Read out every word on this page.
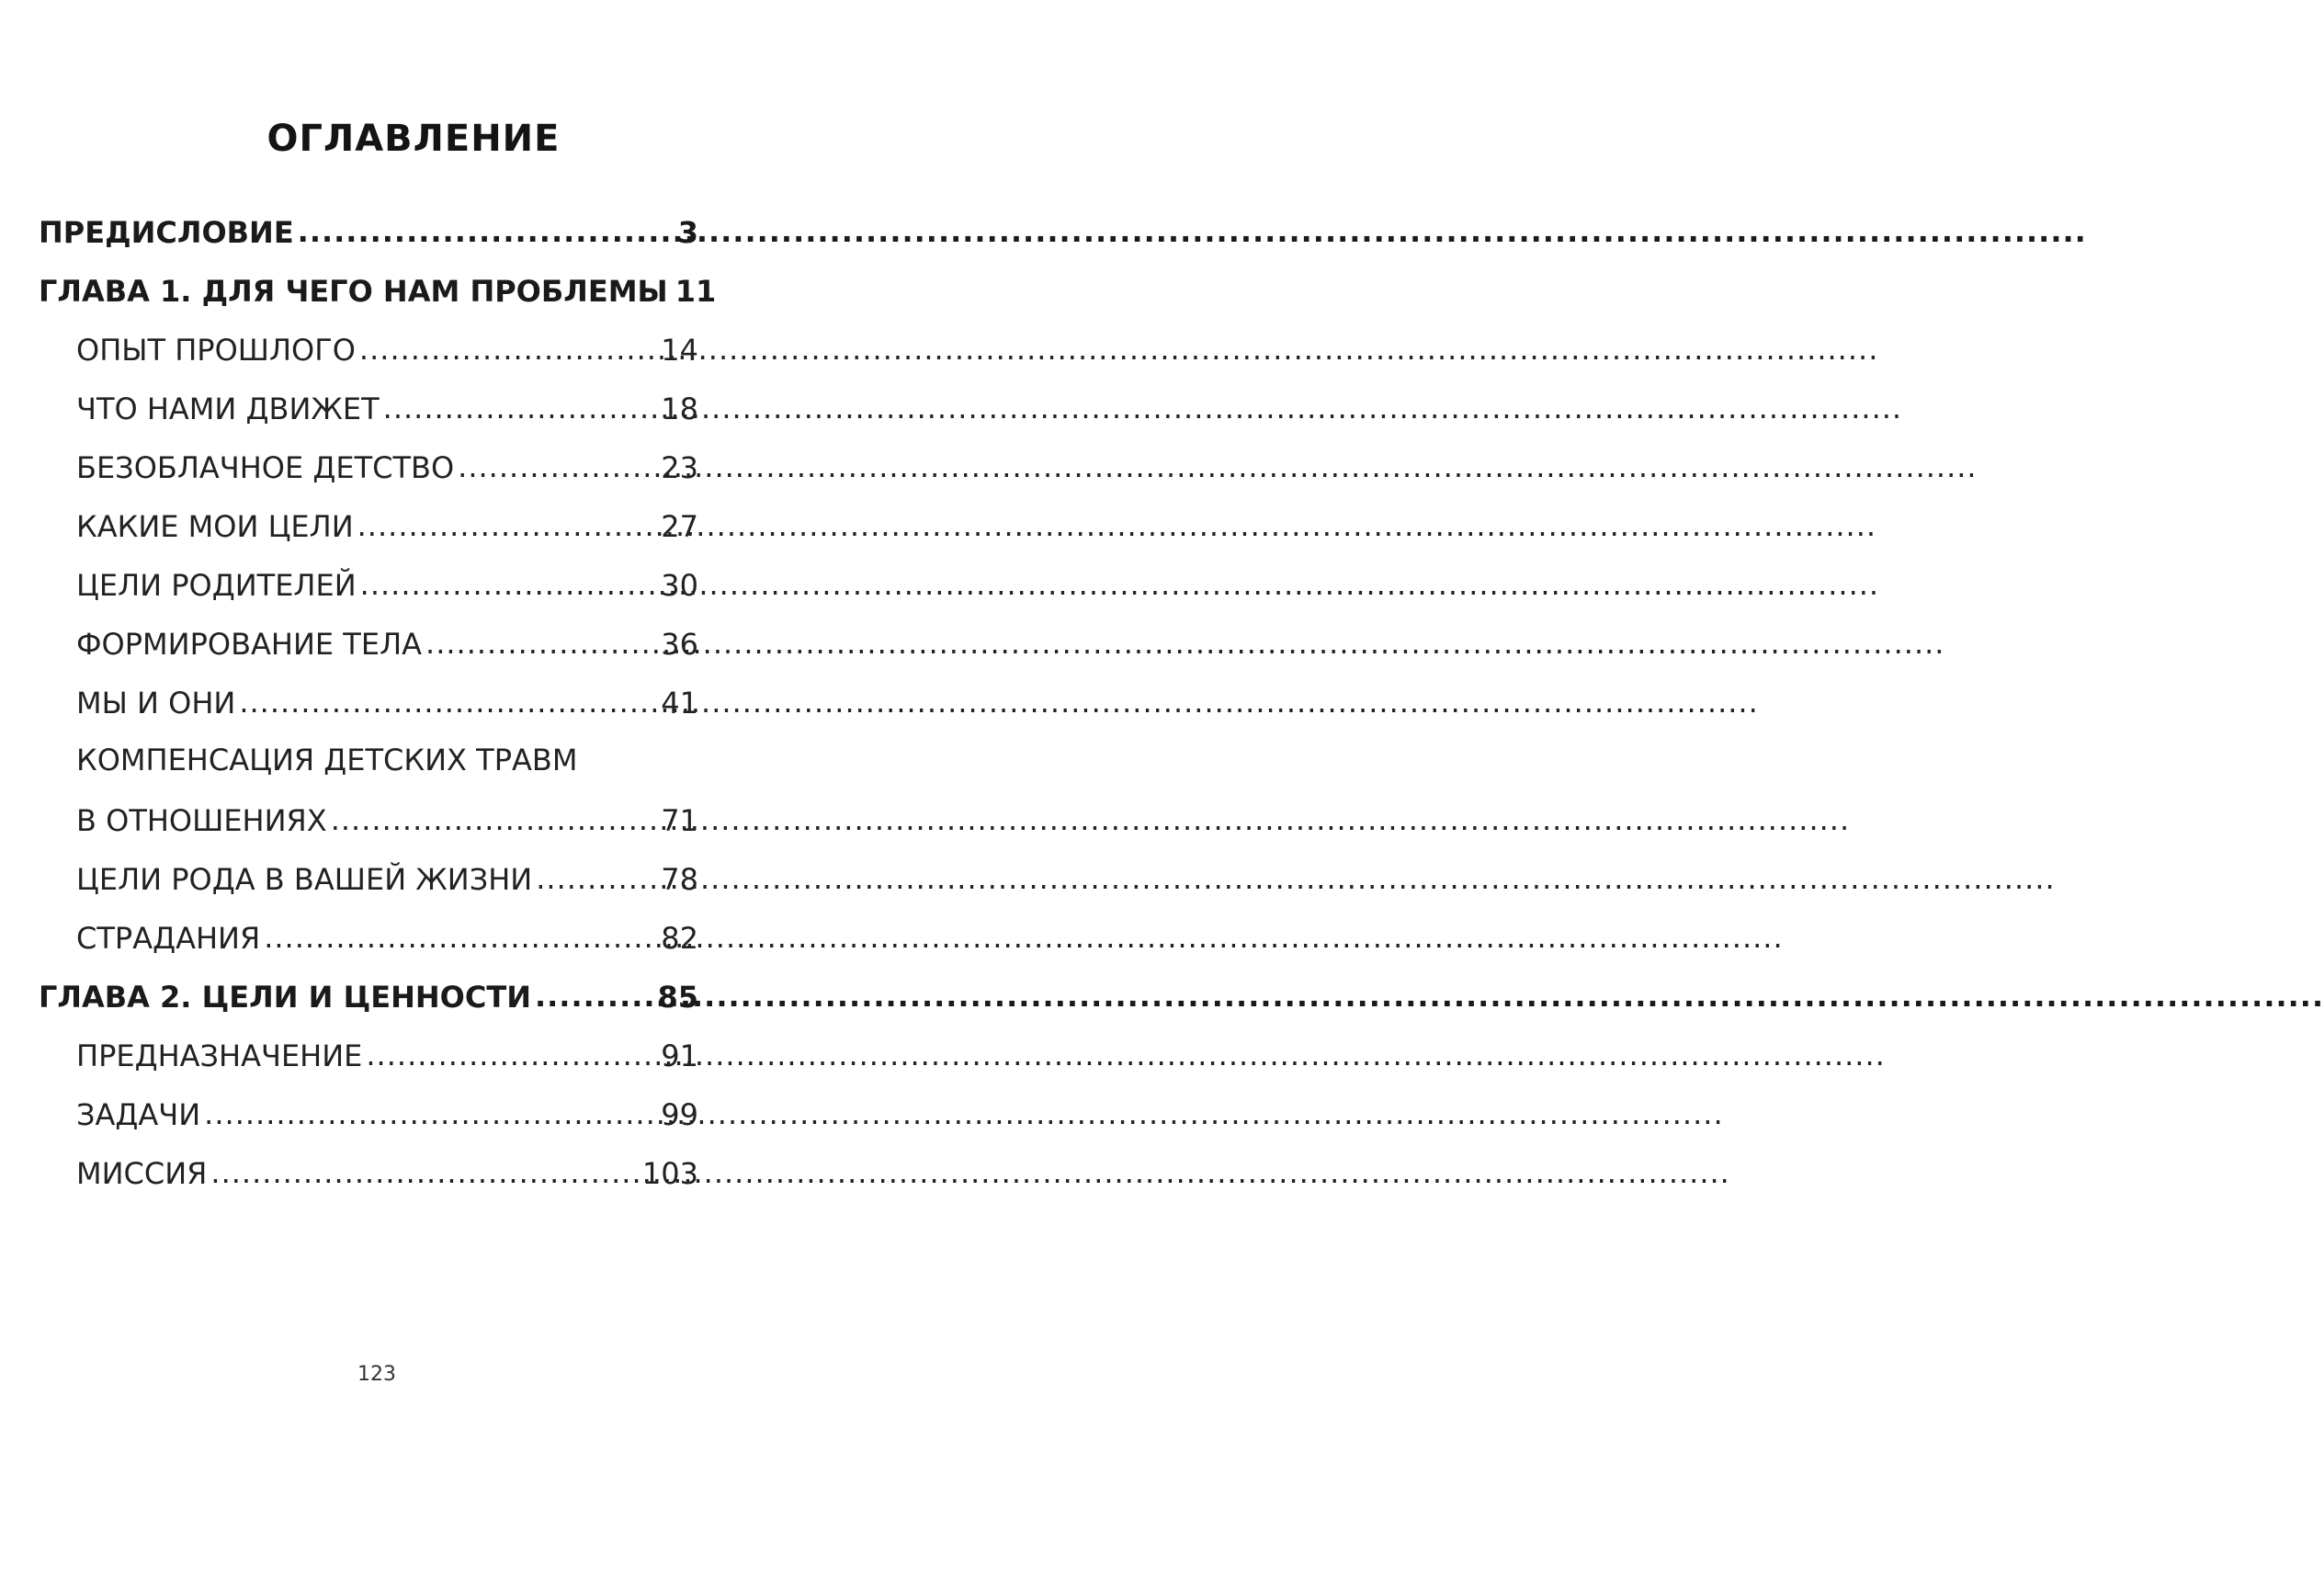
ОГЛАВЛЕНИЕ
ПРЕДИСЛОВИЕ .....	3
ГЛАВА 1. ДЛЯ ЧЕГО НАМ ПРОБЛЕМЫ 11
ОПЫТ ПРОШЛОГО .....	14
ЧТО НАМИ ДВИЖЕТ .....	18
БЕЗОБЛАЧНОЕ ДЕТСТВО .....	23
КАКИЕ МОИ ЦЕЛИ .....	27
ЦЕЛИ РОДИТЕЛЕЙ .....	30
ФОРМИРОВАНИЕ ТЕЛА .....	36
МЫ И ОНИ .....	41
КОМПЕНСАЦИЯ ДЕТСКИХ ТРАВМ
В ОТНОШЕНИЯХ .....	71
ЦЕЛИ РОДА В ВАШЕЙ ЖИЗНИ .....	78
СТРАДАНИЯ .....	82
ГЛАВА 2. ЦЕЛИ И ЦЕННОСТИ .....	85
ПРЕДНАЗНАЧЕНИЕ .....	91
ЗАДАЧИ .....	99
МИССИЯ .....	103
123
